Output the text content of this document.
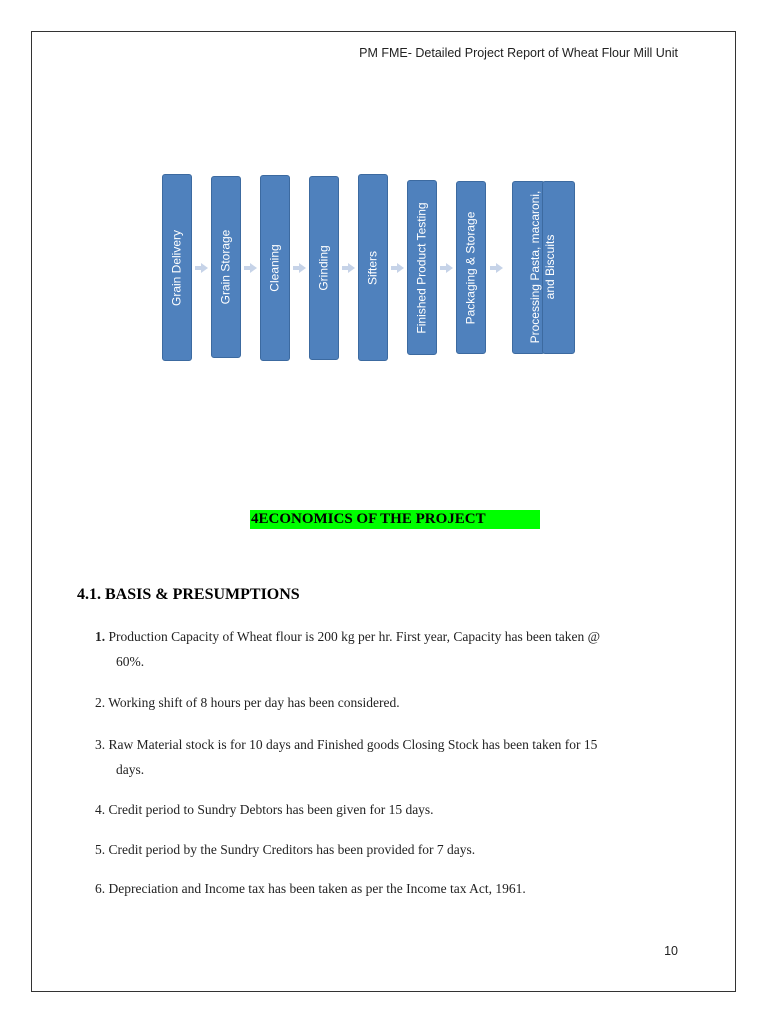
PM FME- Detailed Project Report of Wheat Flour Mill Unit
Grain Delivery	Grain Storage	Cleaning	Grinding	Sifters	Finished Product Testing	Packaging & Storage	Processing Pasta, macaroni,
and Biscuits
4ECONOMICS OF THE PROJECT
4.1. BASIS & PRESUMPTIONS
1. Production Capacity of Wheat flour is 200 kg per hr. First year, Capacity has been taken @
60%.
2. Working shift of 8 hours per day has been considered.
3. Raw Material stock is for 10 days and Finished goods Closing Stock has been taken for 15
days.
4. Credit period to Sundry Debtors has been given for 15 days.
5. Credit period by the Sundry Creditors has been provided for 7 days.
6. Depreciation and Income tax has been taken as per the Income tax Act, 1961.
10
